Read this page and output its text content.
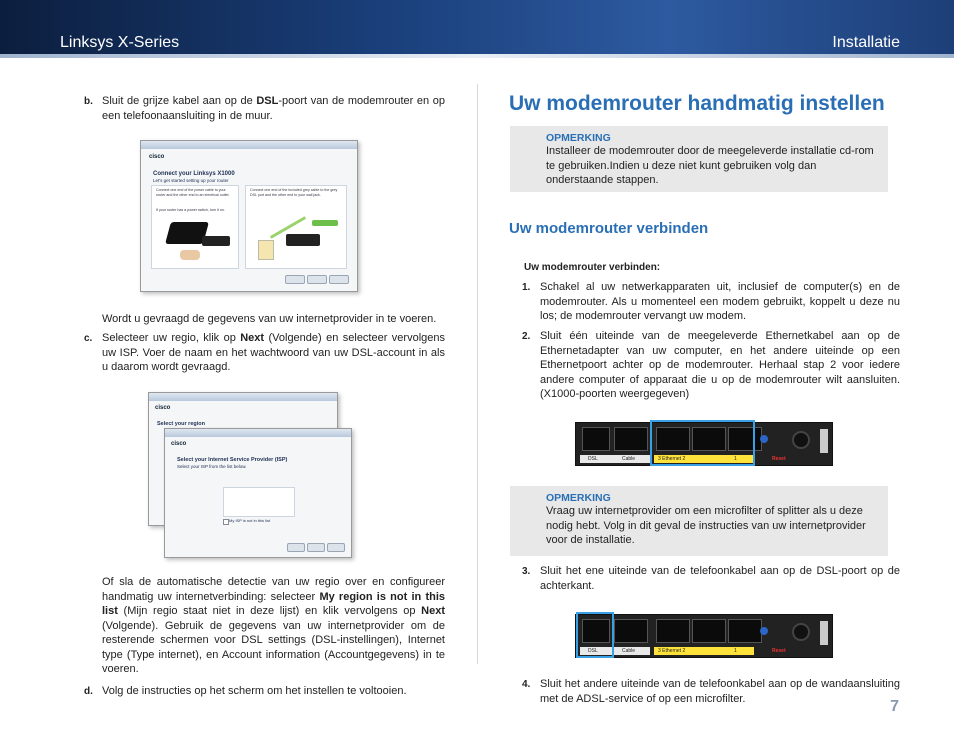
Linksys X-Series	Installatie
b. Sluit de grijze kabel aan op de DSL-poort van de modemrouter en op een telefoonaansluiting in de muur.
cisco
Connect your Linksys X1000
Let's get started setting up your router
Connect one end of the power cable to your router and the other end to an electrical outlet.
If your router has a power switch, turn it on.
Connect one end of the included grey cable to the grey DSL port and the other end to your wall jack.
Wordt u gevraagd de gegevens van uw internetprovider in te voeren.
c. Selecteer uw regio, klik op Next (Volgende) en selecteer vervolgens uw ISP. Voer de naam en het wachtwoord van uw DSL-account in als u daarom wordt gevraagd.
cisco
Select your region
cisco
Select your Internet Service Provider (ISP)
Select your ISP from the list below.
My ISP is not in this list
Of sla de automatische detectie van uw regio over en configureer handmatig uw internetverbinding: selecteer My region is not in this list (Mijn regio staat niet in deze lijst) en klik vervolgens op Next (Volgende). Gebruik de gegevens van uw internetprovider om de resterende schermen voor DSL settings (DSL-instellingen), Internet type (Type internet), en Account information (Accountgegevens) in te voeren.
d. Volg de instructies op het scherm om het instellen te voltooien.
Uw modemrouter handmatig instellen
OPMERKING
Installeer de modemrouter door de meegeleverde installatie cd-rom te gebruiken.Indien u deze niet kunt gebruiken volg dan onderstaande stappen.
Uw modemrouter verbinden
Uw modemrouter verbinden:
1. Schakel al uw netwerkapparaten uit, inclusief de computer(s) en de modemrouter. Als u momenteel een modem gebruikt, koppelt u deze nu los; de modemrouter vervangt uw modem.
2. Sluit één uiteinde van de meegeleverde Ethernetkabel aan op de Ethernetadapter van uw computer, en het andere uiteinde op een Ethernetpoort achter op de modemrouter. Herhaal stap 2 voor iedere andere computer of apparaat die u op de modemrouter wilt aansluiten. (X1000-poorten weergegeven)
DSL	Cable	3 Ethernet 2	1	Reset
OPMERKING
Vraag uw internetprovider om een microfilter of splitter als u deze nodig hebt. Volg in dit geval de instructies van uw internetprovider voor de installatie.
3. Sluit het ene uiteinde van de telefoonkabel aan op de DSL-poort op de achterkant.
DSL	Cable	3 Ethernet 2	1	Reset
4. Sluit het andere uiteinde van de telefoonkabel aan op de wandaansluiting met de ADSL-service of op een microfilter.	7
